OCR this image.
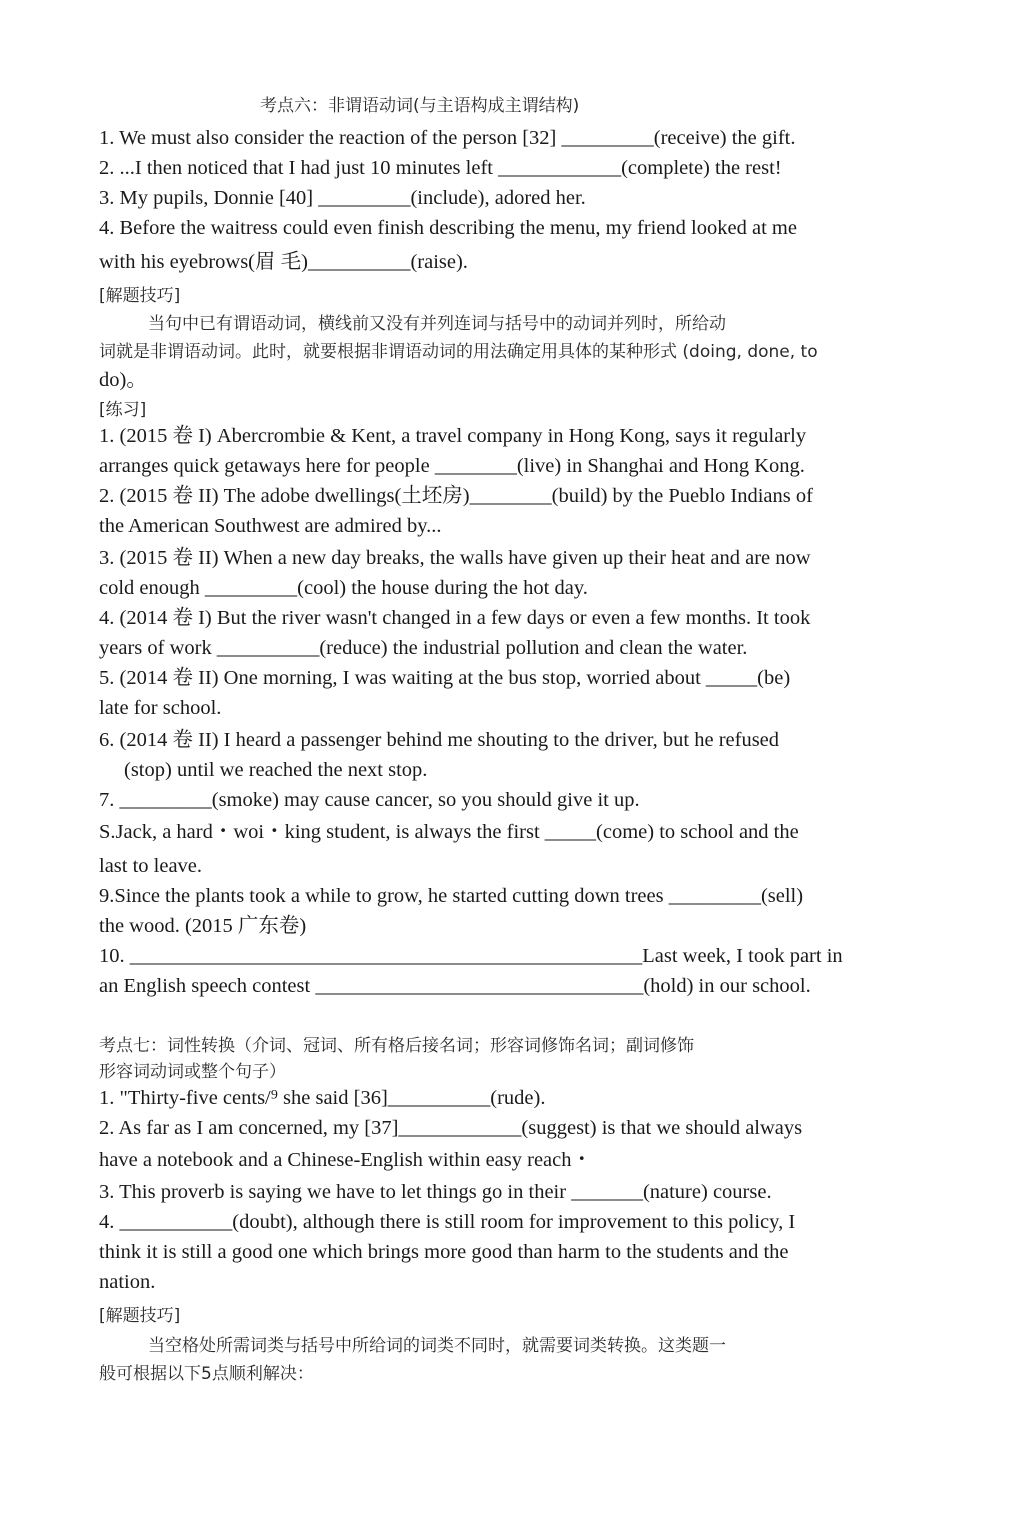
考点六：非谓语动词(与主语构成主谓结构)
1. We must also consider the reaction of the person [32] _________(receive) the gift.
2. ...I then noticed that I had just 10 minutes left ____________(complete) the rest!
3. My pupils, Donnie [40] _________(include), adored her.
4. Before the waitress could even finish describing the menu, my friend looked at me
with his eyebrows(眉 毛)__________(raise).
[解题技巧]
当句中已有谓语动词，横线前又没有并列连词与括号中的动词并列时，所给动
词就是非谓语动词。此时，就要根据非谓语动词的用法确定用具体的某种形式 (doing, done, to
do)。
[练习]
1. (2015 卷 I) Abercrombie & Kent, a travel company in Hong Kong, says it regularly
arranges quick getaways here for people ________(live) in Shanghai and Hong Kong.
2. (2015 卷 II) The adobe dwellings(土坯房)________(build) by the Pueblo Indians of
the American Southwest are admired by...
3. (2015 卷 II) When a new day breaks, the walls have given up their heat and are now
cold enough _________(cool) the house during the hot day.
4. (2014 卷 I) But the river wasn't changed in a few days or even a few months. It took
years of work __________(reduce) the industrial pollution and clean the water.
5. (2014 卷 II) One morning, I was waiting at the bus stop, worried about _____(be)
late for school.
6. (2014 卷 II) I heard a passenger behind me shouting to the driver, but he refused
(stop) until we reached the next stop.
7. _________(smoke) may cause cancer, so you should give it up.
S.Jack, a hard・woi・king student, is always the first _____(come) to school and the
last to leave.
9.Since the plants took a while to grow, he started cutting down trees _________(sell)
the wood. (2015 广东卷)
10. __________________________________________________Last week, I took part in
an English speech contest ________________________________(hold) in our school.
考点七：词性转换（介词、冠词、所有格后接名词；形容词修饰名词；副词修饰
形容词动词或整个句子）
1. "Thirty-five cents/⁹ she said [36]__________(rude).
2. As far as I am concerned, my [37]____________(suggest) is that we should always
have a notebook and a Chinese-English within easy reach・
3. This proverb is saying we have to let things go in their _______(nature) course.
4. ___________(doubt), although there is still room for improvement to this policy, I
think it is still a good one which brings more good than harm to the students and the
nation.
[解题技巧]
当空格处所需词类与括号中所给词的词类不同时，就需要词类转换。这类题一
般可根据以下5点顺利解决：
